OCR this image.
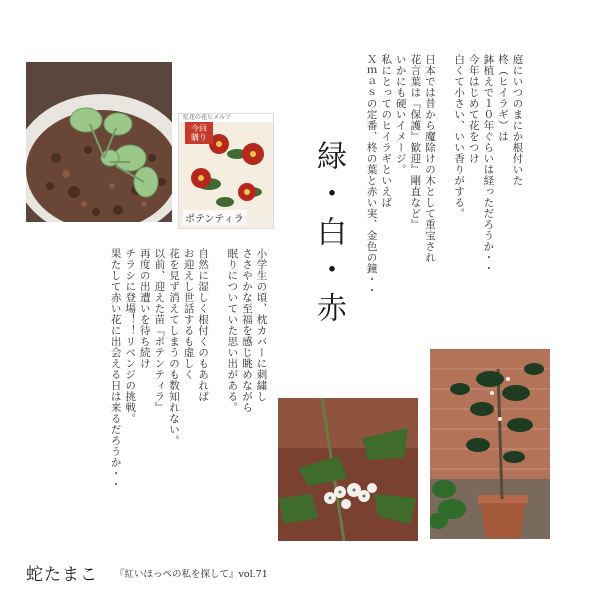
庭にいつのまにか根付いた
柊（ヒイラギ）は
鉢植えで１０年ぐらいは経っただろうか・・
今年はじめて花をつけ
白くて小さい、いい香りがする。
日本では昔から魔除けの木として重宝され
花言葉は『保護』歓迎』剛直など』
いかにも硬いイメージ。
私にとってのヒイラギといえば
Ｘｍａｓの定番、柊の葉と赤い実、金色の鐘・・
緑・白・赤
小学生の頃、枕カバーに刺繍し
ささやかな至福を感じ眺めながら
眠りについていた思い出がある。
自然に湿しく根付くのもあれば
お迎えし世話するも虚しく
花を見ず消えてしまうのも数知れない。
以前、迎えた苗『ポテンティラ』
再度の出遭いを待ち続け
チラシに登場！！リベンジの挑戦。
果たして赤い花に出会える日は来るだろうか・・
紅花の花ヒメルフ
今回
購り
ポテンティラ
蛇たまこ 『紅いほっぺの私を探して』vol.71
